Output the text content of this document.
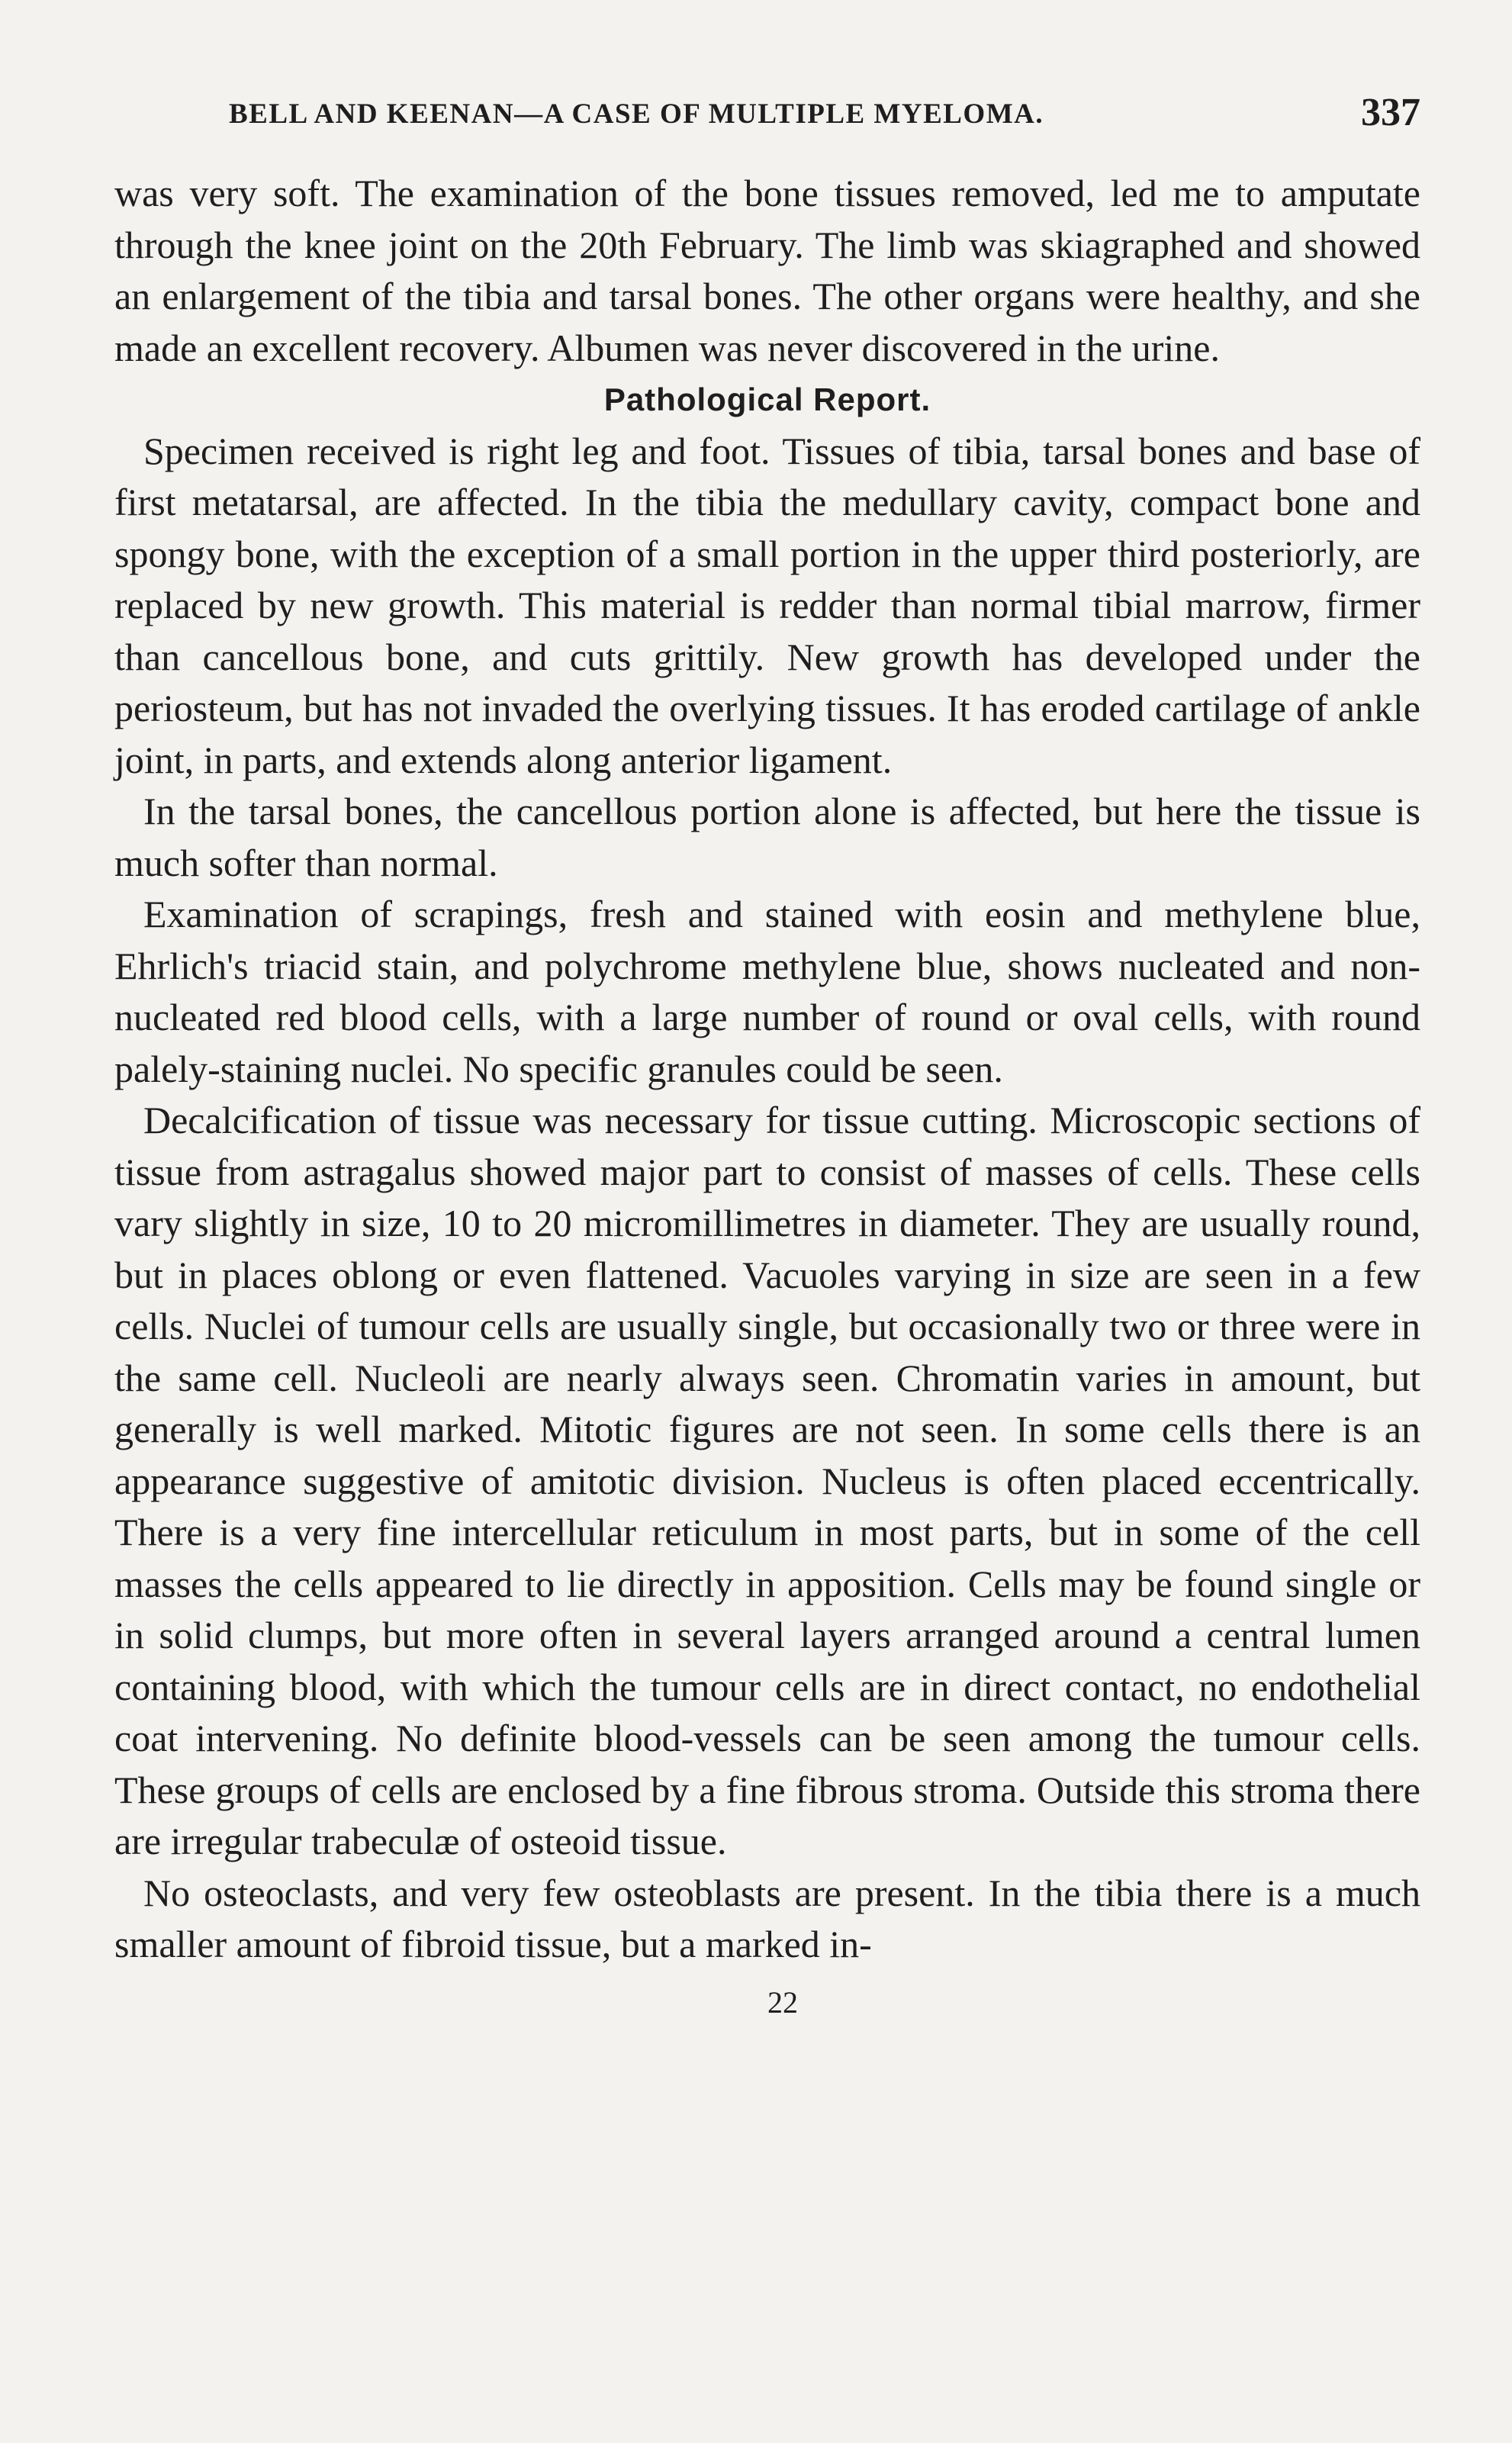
BELL AND KEENAN—A CASE OF MULTIPLE MYELOMA.	337

was very soft. The examination of the bone tissues removed, led me to amputate through the knee joint on the 20th February. The limb was skiagraphed and showed an enlargement of the tibia and tarsal bones. The other organs were healthy, and she made an excellent recovery. Albumen was never discovered in the urine.

Pathological Report.

Specimen received is right leg and foot. Tissues of tibia, tarsal bones and base of first metatarsal, are affected. In the tibia the medullary cavity, compact bone and spongy bone, with the exception of a small portion in the upper third posteriorly, are replaced by new growth. This material is redder than normal tibial marrow, firmer than cancellous bone, and cuts grittily. New growth has developed under the periosteum, but has not invaded the overlying tissues. It has eroded cartilage of ankle joint, in parts, and extends along anterior ligament.

In the tarsal bones, the cancellous portion alone is affected, but here the tissue is much softer than normal.

Examination of scrapings, fresh and stained with eosin and methylene blue, Ehrlich's triacid stain, and polychrome methylene blue, shows nucleated and non-nucleated red blood cells, with a large number of round or oval cells, with round palely-staining nuclei. No specific granules could be seen.

Decalcification of tissue was necessary for tissue cutting. Microscopic sections of tissue from astragalus showed major part to consist of masses of cells. These cells vary slightly in size, 10 to 20 micromillimetres in diameter. They are usually round, but in places oblong or even flattened. Vacuoles varying in size are seen in a few cells. Nuclei of tumour cells are usually single, but occasionally two or three were in the same cell. Nucleoli are nearly always seen. Chromatin varies in amount, but generally is well marked. Mitotic figures are not seen. In some cells there is an appearance suggestive of amitotic division. Nucleus is often placed eccentrically. There is a very fine intercellular reticulum in most parts, but in some of the cell masses the cells appeared to lie directly in apposition. Cells may be found single or in solid clumps, but more often in several layers arranged around a central lumen containing blood, with which the tumour cells are in direct contact, no endothelial coat intervening. No definite blood-vessels can be seen among the tumour cells. These groups of cells are enclosed by a fine fibrous stroma. Outside this stroma there are irregular trabeculæ of osteoid tissue.

No osteoclasts, and very few osteoblasts are present. In the tibia there is a much smaller amount of fibroid tissue, but a marked in-

22
